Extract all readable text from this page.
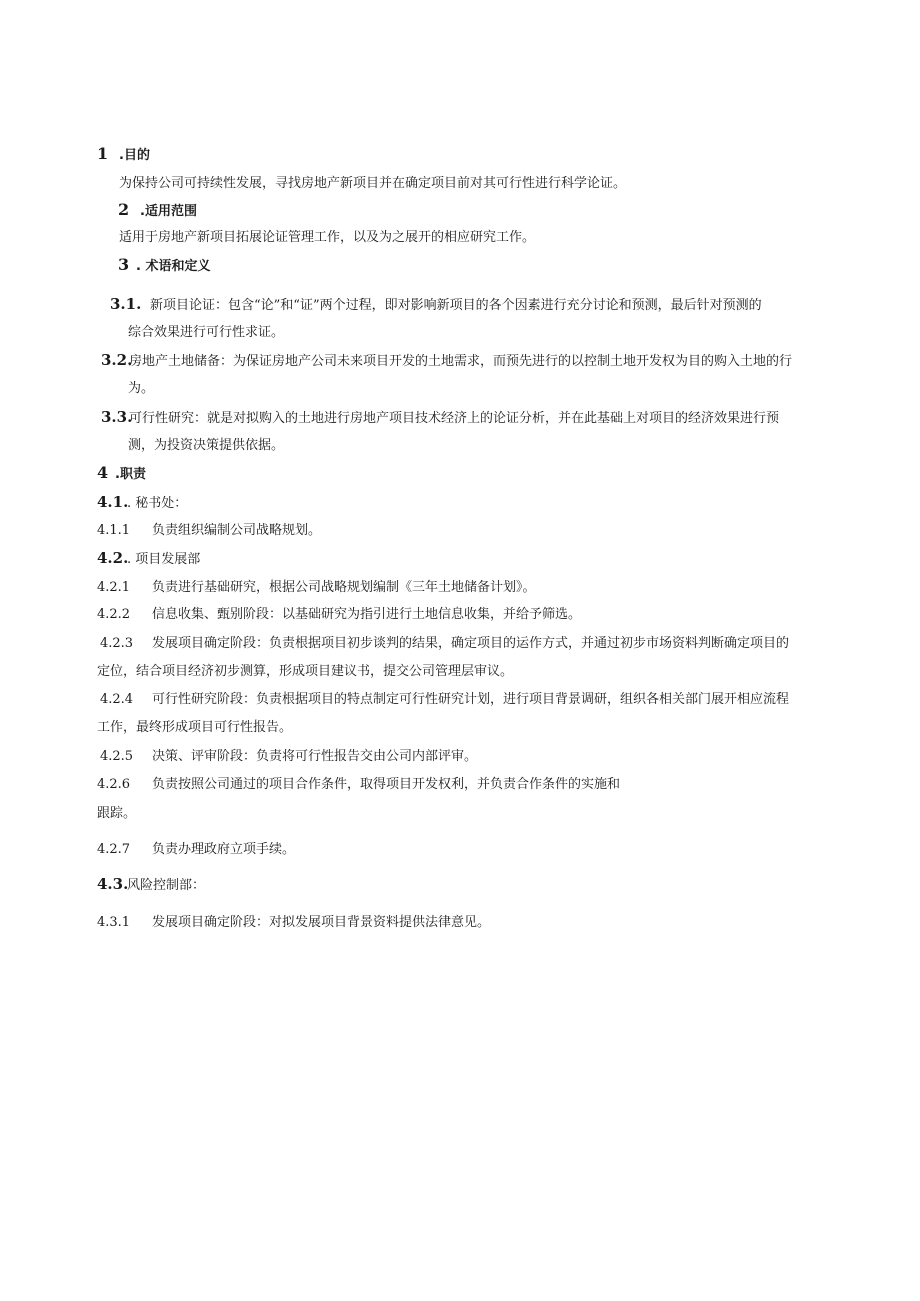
1 .目的
为保持公司可持续性发展，寻找房地产新项目并在确定项目前对其可行性进行科学论证。
2 .适用范围
适用于房地产新项目拓展论证管理工作，以及为之展开的相应研究工作。
3 . 术语和定义
3.1. 新项目论证：包含“论”和“证”两个过程，即对影响新项目的各个因素进行充分讨论和预测，最后针对预测的
综合效果进行可行性求证。
3.2.房地产土地储备：为保证房地产公司未来项目开发的土地需求，而预先进行的以控制土地开发权为目的购入土地的行
为。
3.3.可行性研究：就是对拟购入的土地进行房地产项目技术经济上的论证分析，并在此基础上对项目的经济效果进行预
测，为投资决策提供依据。
4 .职责
4.1.. 秘书处：
4.1.1 负责组织编制公司战略规划。
4.2.. 项目发展部
4.2.1 负责进行基础研究，根据公司战略规划编制《三年土地储备计划》。
4.2.2 信息收集、甄别阶段：以基础研究为指引进行土地信息收集，并给予筛选。
4.2.3 发展项目确定阶段：负责根据项目初步谈判的结果，确定项目的运作方式，并通过初步市场资料判断确定项目的
定位，结合项目经济初步测算，形成项目建议书，提交公司管理层审议。
4.2.4 可行性研究阶段：负责根据项目的特点制定可行性研究计划，进行项目背景调研，组织各相关部门展开相应流程
工作，最终形成项目可行性报告。
4.2.5 决策、评审阶段：负责将可行性报告交由公司内部评审。
4.2.6 负责按照公司通过的项目合作条件，取得项目开发权利，并负责合作条件的实施和
跟踪。
4.2.7 负责办理政府立项手续。
4.3.风险控制部：
4.3.1 发展项目确定阶段：对拟发展项目背景资料提供法律意见。
